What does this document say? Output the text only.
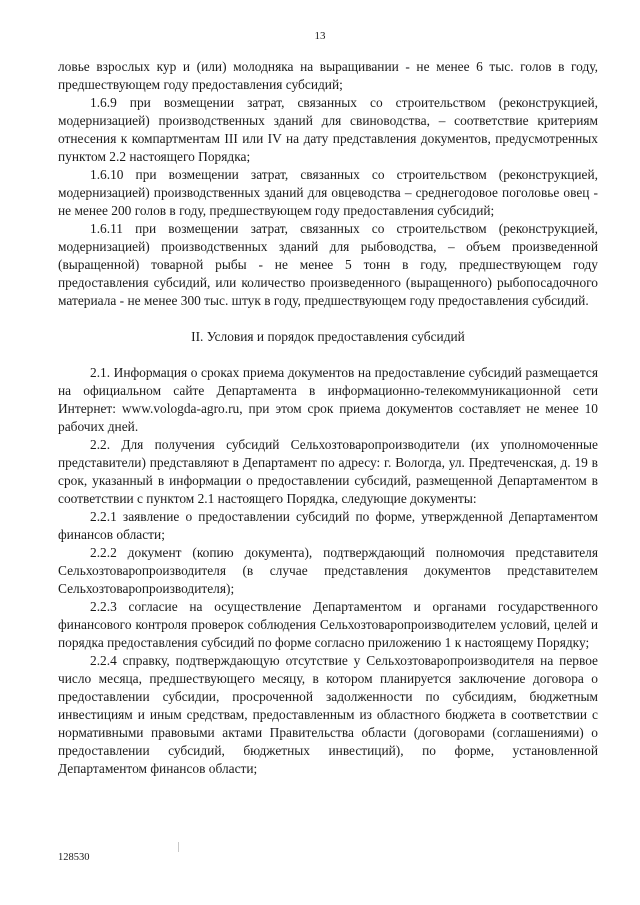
13

ловье взрослых кур и (или) молодняка на выращивании - не менее 6 тыс. голов в году, предшествующем году предоставления субсидий;

1.6.9 при возмещении затрат, связанных со строительством (реконструкцией, модернизацией) производственных зданий для свиноводства, – соответствие критериям отнесения к компартментам III или IV на дату представления документов, предусмотренных пунктом 2.2 настоящего Порядка;

1.6.10 при возмещении затрат, связанных со строительством (реконструкцией, модернизацией) производственных зданий для овцеводства – среднегодовое поголовье овец - не менее 200 голов в году, предшествующем году предоставления субсидий;

1.6.11 при возмещении затрат, связанных со строительством (реконструкцией, модернизацией) производственных зданий для рыбоводства, – объем произведенной (выращенной) товарной рыбы - не менее 5 тонн в году, предшествующем году предоставления субсидий, или количество произведенного (выращенного) рыбопосадочного материала - не менее 300 тыс. штук в году, предшествующем году предоставления субсидий.

II. Условия и порядок предоставления субсидий

2.1. Информация о сроках приема документов на предоставление субсидий размещается на официальном сайте Департамента в информационно-телекоммуникационной сети Интернет: www.vologda-agro.ru, при этом срок приема документов составляет не менее 10 рабочих дней.

2.2. Для получения субсидий Сельхозтоваропроизводители (их уполномоченные представители) представляют в Департамент по адресу: г. Вологда, ул. Предтеченская, д. 19 в срок, указанный в информации о предоставлении субсидий, размещенной Департаментом в соответствии с пунктом 2.1 настоящего Порядка, следующие документы:

2.2.1 заявление о предоставлении субсидий по форме, утвержденной Департаментом финансов области;

2.2.2 документ (копию документа), подтверждающий полномочия представителя Сельхозтоваропроизводителя (в случае представления документов представителем Сельхозтоваропроизводителя);

2.2.3 согласие на осуществление Департаментом и органами государственного финансового контроля проверок соблюдения Сельхозтоваропроизводителем условий, целей и порядка предоставления субсидий по форме согласно приложению 1 к настоящему Порядку;

2.2.4 справку, подтверждающую отсутствие у Сельхозтоваропроизводителя на первое число месяца, предшествующего месяцу, в котором планируется заключение договора о предоставлении субсидии, просроченной задолженности по субсидиям, бюджетным инвестициям и иным средствам, предоставленным из областного бюджета в соответствии с нормативными правовыми актами Правительства области (договорами (соглашениями) о предоставлении субсидий, бюджетных инвестиций), по форме, установленной Департаментом финансов области;

128530
